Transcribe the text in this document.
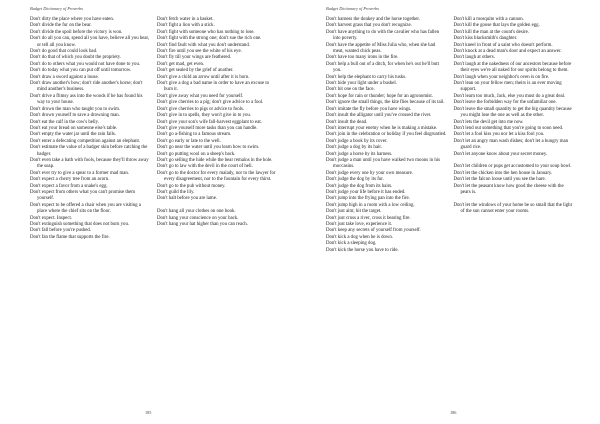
Budget Dictionary of Proverbs

Don't dirty the place where you have eaten.

Don't divide the fur on the bear.

Don't divide the spoil before the victory is won.

Don't do all you can, spend all you have, believe all you hear, or tell all you know.

Don't do good that could look bad.

Don't do that of which you doubt the propriety.

Don't do to others what you would not have done to you.

Don't do today what you can put off until tomorrow.

Don't draw a sword against a louse.

Don't draw another's bow; don't ride another's horse; don't mind another's business.

Don't drive a flimsy ass into the woods if he has found his way to your house.

Don't drown the man who taught you to swim.

Don't drown yourself to save a drowning man.

Don't eat the calf in the cow's belly.

Don't eat your bread on someone else's table.

Don't empty the water jar until the rain falls.

Don't enter a defecating competition against an elephant.

Don't estimate the value of a badger skin before catching the badger.

Don't even take a bath with fools, because they'll throw away the soap.

Don't ever try to give a spear to a former mad man.

Don't expect a cherry tree from an acorn.

Don't expect a favor from a snake's egg.

Don't expect from others what you can't promise them yourself.

Don't expect to be offered a chair when you are visiting a place where the chief sits on the floor.

Don't expect. Inspect.

Don't extinguish something that does not burn you.

Don't fall before you're pushed.

Don't fan the flame that supports the fire.

Don't fetch water in a basket.

Don't fight a lion with a stick.

Don't fight with someone who has nothing to lose.

Don't fight with the strong one; don't sue the rich one.

Don't find fault with what you don't understand.

Don't fire until you see the white of his eye.

Don't fly till your wings are feathered.

Don't get mad, get even.

Don't get sealed by the grief of another.

Don't give a child an arrow until after it is born.

Don't give a dog a bad name in order to have an excuse to burn it.

Don't give away what you need for yourself.

Don't give cherries to a pig; don't give advice to a fool.

Don't give cherries to pigs or advice to fools.

Don't give in to spells, they won't give in to you.

Don't give your son's wife fall-harvest eggplant to eat.

Don't give yourself more tasks than you can handle.

Don't go a-fishing to a famous stream.

Don't go early or late to the well.

Don't go near the water until you learn how to swim.

Don't go putting wool on a sheep's back.

Don't go selling the hide while the bear remains in the hole.

Don't go to law with the devil in the court of hell.

Don't go to the doctor for every malady, nor to the lawyer for every disagreement, nor to the fountain for every thirst.

Don't go to the pub without money.

Don't guild the lily.

Don't halt before you are lame.

Don't hang all your clothes on one hook.

Don't hang your conscience on your back.

Don't hang your hat higher than you can reach.

185
Budget Dictionary of Proverbs

Don't harness the donkey and the horse together.

Don't harvest grass that you don't recognize.

Don't have anything to do with the cavalier who has fallen into poverty.

Don't have the appetite of Miss Julia who, when she had meat, wanted chick peas.

Don't have too many irons in the fire.

Don't help a bull out of a ditch, for when he's out he'll butt you.

Don't help the elephant to carry his tusks.

Don't hide your light under a bushel.

Don't hit one on the face.

Don't hope for rain or thunder; hope for an agronomist.

Don't ignore the small things, the kite flies because of its tail.

Don't imitate the fly before you have wings.

Don't insult the alligator until you've crossed the river.

Don't insult the dead.

Don't interrupt your enemy when he is making a mistake.

Don't join in the celebration or holiday if you feel disgruntled.

Don't judge a book by its cover.

Don't judge a dog by its hair.

Don't judge a horse by its harness.

Don't judge a man until you have walked two moons in his moccasins.

Don't judge every one by your own measure.

Don't judge the dog by its fur.

Don't judge the dog from its hairs.

Don't judge your life before it has ended.

Don't jump into the frying pan into the fire.

Don't jump high in a room with a low ceiling.

Don't just aim; hit the target.

Don't just cross a river, cross it bearing fire.

Don't just take love, experience it.

Don't keep any secrets of yourself from yourself.

Don't kick a dog when he is down.

Don't kick a sleeping dog.

Don't kick the horse you have to ride.

Don't kill a mosquito with a cannon.

Don't kill the goose that lays the golden egg.

Don't kill the man at the count's desire.

Don't kiss blacksmith's daughter.

Don't kneel in front of a saint who doesn't perform.

Don't knock at a dead man's door and expect an answer.

Don't laugh at others.

Don't laugh at the nakedness of our ancestors because before their eyes we're all naked for our spirits belong to them.

Don't laugh when your neighbor's oven is on fire.

Don't lean on your fellow men; theirs is an ever moving support.

Don't learn too much, Jack, else you must do a great deal.

Don't leave the forbidden way for the unfamiliar one.

Don't leave the small quantity to get the big quantity because you might lose the one as well as the other.

Don't lets the devil get into me now.

Don't lend out something that you're going to soon need.

Don't let a fool kiss you nor let a kiss fool you.

Don't let an angry man wash dishes; don't let a hungry man guard rice.

Don't let anyone know about your secret money.

Don't let children or pups get accustomed to your soup bowl.

Don't let the chicken into the hen house in January.

Don't let the falcon loose until you see the hare.

Don't let the peasant know how good the cheese with the pears is.

Don't let the windows of your home be so small that the light of the sun cannot enter your rooms.

186
